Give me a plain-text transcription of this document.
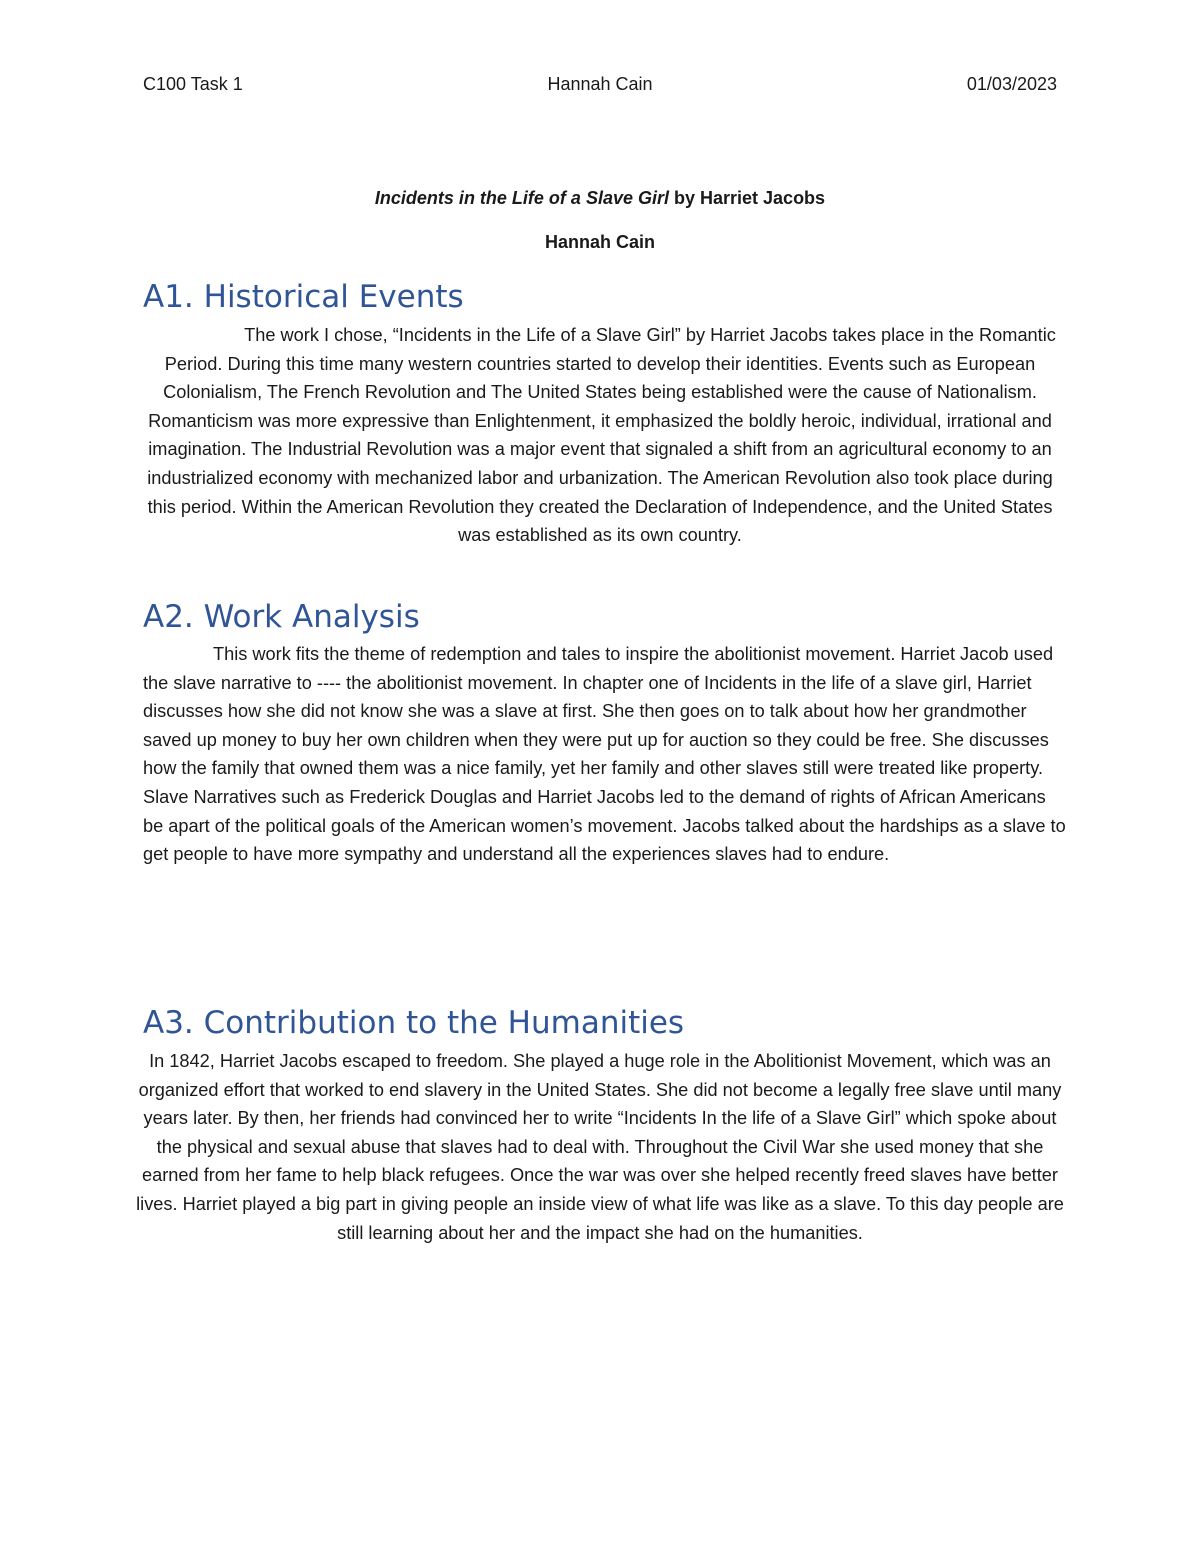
C100 Task 1	Hannah Cain	01/03/2023
Incidents in the Life of a Slave Girl by Harriet Jacobs
Hannah Cain
A1. Historical Events

The work I chose, “Incidents in the Life of a Slave Girl” by Harriet Jacobs takes place in the Romantic Period. During this time many western countries started to develop their identities. Events such as European Colonialism, The French Revolution and The United States being established were the cause of Nationalism. Romanticism was more expressive than Enlightenment, it emphasized the boldly heroic, individual, irrational and imagination. The Industrial Revolution was a major event that signaled a shift from an agricultural economy to an industrialized economy with mechanized labor and urbanization. The American Revolution also took place during this period. Within the American Revolution they created the Declaration of Independence, and the United States was established as its own country.

A2. Work Analysis

This work fits the theme of redemption and tales to inspire the abolitionist movement. Harriet Jacob used the slave narrative to ---- the abolitionist movement. In chapter one of Incidents in the life of a slave girl, Harriet discusses how she did not know she was a slave at first. She then goes on to talk about how her grandmother saved up money to buy her own children when they were put up for auction so they could be free. She discusses how the family that owned them was a nice family, yet her family and other slaves still were treated like property. Slave Narratives such as Frederick Douglas and Harriet Jacobs led to the demand of rights of African Americans be apart of the political goals of the American women’s movement. Jacobs talked about the hardships as a slave to get people to have more sympathy and understand all the experiences slaves had to endure.

A3. Contribution to the Humanities

In 1842, Harriet Jacobs escaped to freedom. She played a huge role in the Abolitionist Movement, which was an organized effort that worked to end slavery in the United States. She did not become a legally free slave until many years later. By then, her friends had convinced her to write “Incidents In the life of a Slave Girl” which spoke about the physical and sexual abuse that slaves had to deal with. Throughout the Civil War she used money that she earned from her fame to help black refugees. Once the war was over she helped recently freed slaves have better lives. Harriet played a big part in giving people an inside view of what life was like as a slave. To this day people are still learning about her and the impact she had on the humanities.
